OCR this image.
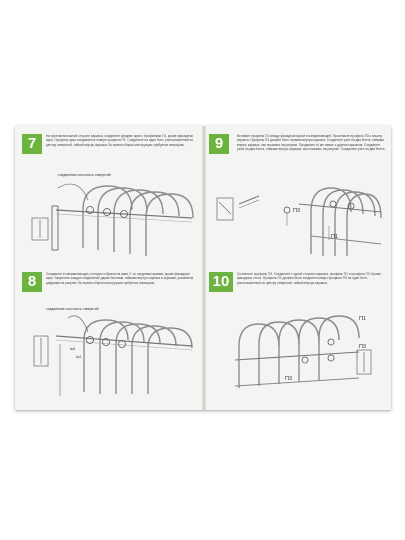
7	На противоположной стороне каркаса, соедините средние арки с профилями П1, кроме фасадных арок. Профиль арки соединяется поверх профиля П1. Соедините на один болт, расположенный по центру отверстий, гайкой внутрь каркаса. Во время сборки конструкции требуется помощник.
соединение соосность отверстий
8	Соедините в направляющую, которую собрали на шаге 2, со средними арками, кроме фасадных арок. Закрепить каждое соединение двумя болтами, гайками внутрь каркаса в зорками, указанном цифрами на рисунке. Во время сборки конструкции требуется помощник.
соединение соосность отверстий
№8
№2
9	Вставьте профиль П1 между фасадной аркой и направляющей. Проставьте профиль П3 к началу каркаса. Профиль П3 должен быть первым внутри каркаса. Соедините узел на два болта, гайками внутрь каркаса, как показано на рисунке. Проделать то же самое с другим каркасом. Соедините узлы на два болта, гайками внутрь каркаса, как показано на рисунке. Соедините узел на два болта.
П3
П1
10	Сочлените профиль П3. Соедините с одной стороны каркаса, профиль П1 и профиль П3. Кроме фасадных стоек. Профиль П1 должен быть соединен поверх профиля П3 на один болт, расположенный по центру отверстий, гайкой внутрь каркаса.
П1
П3
П3
